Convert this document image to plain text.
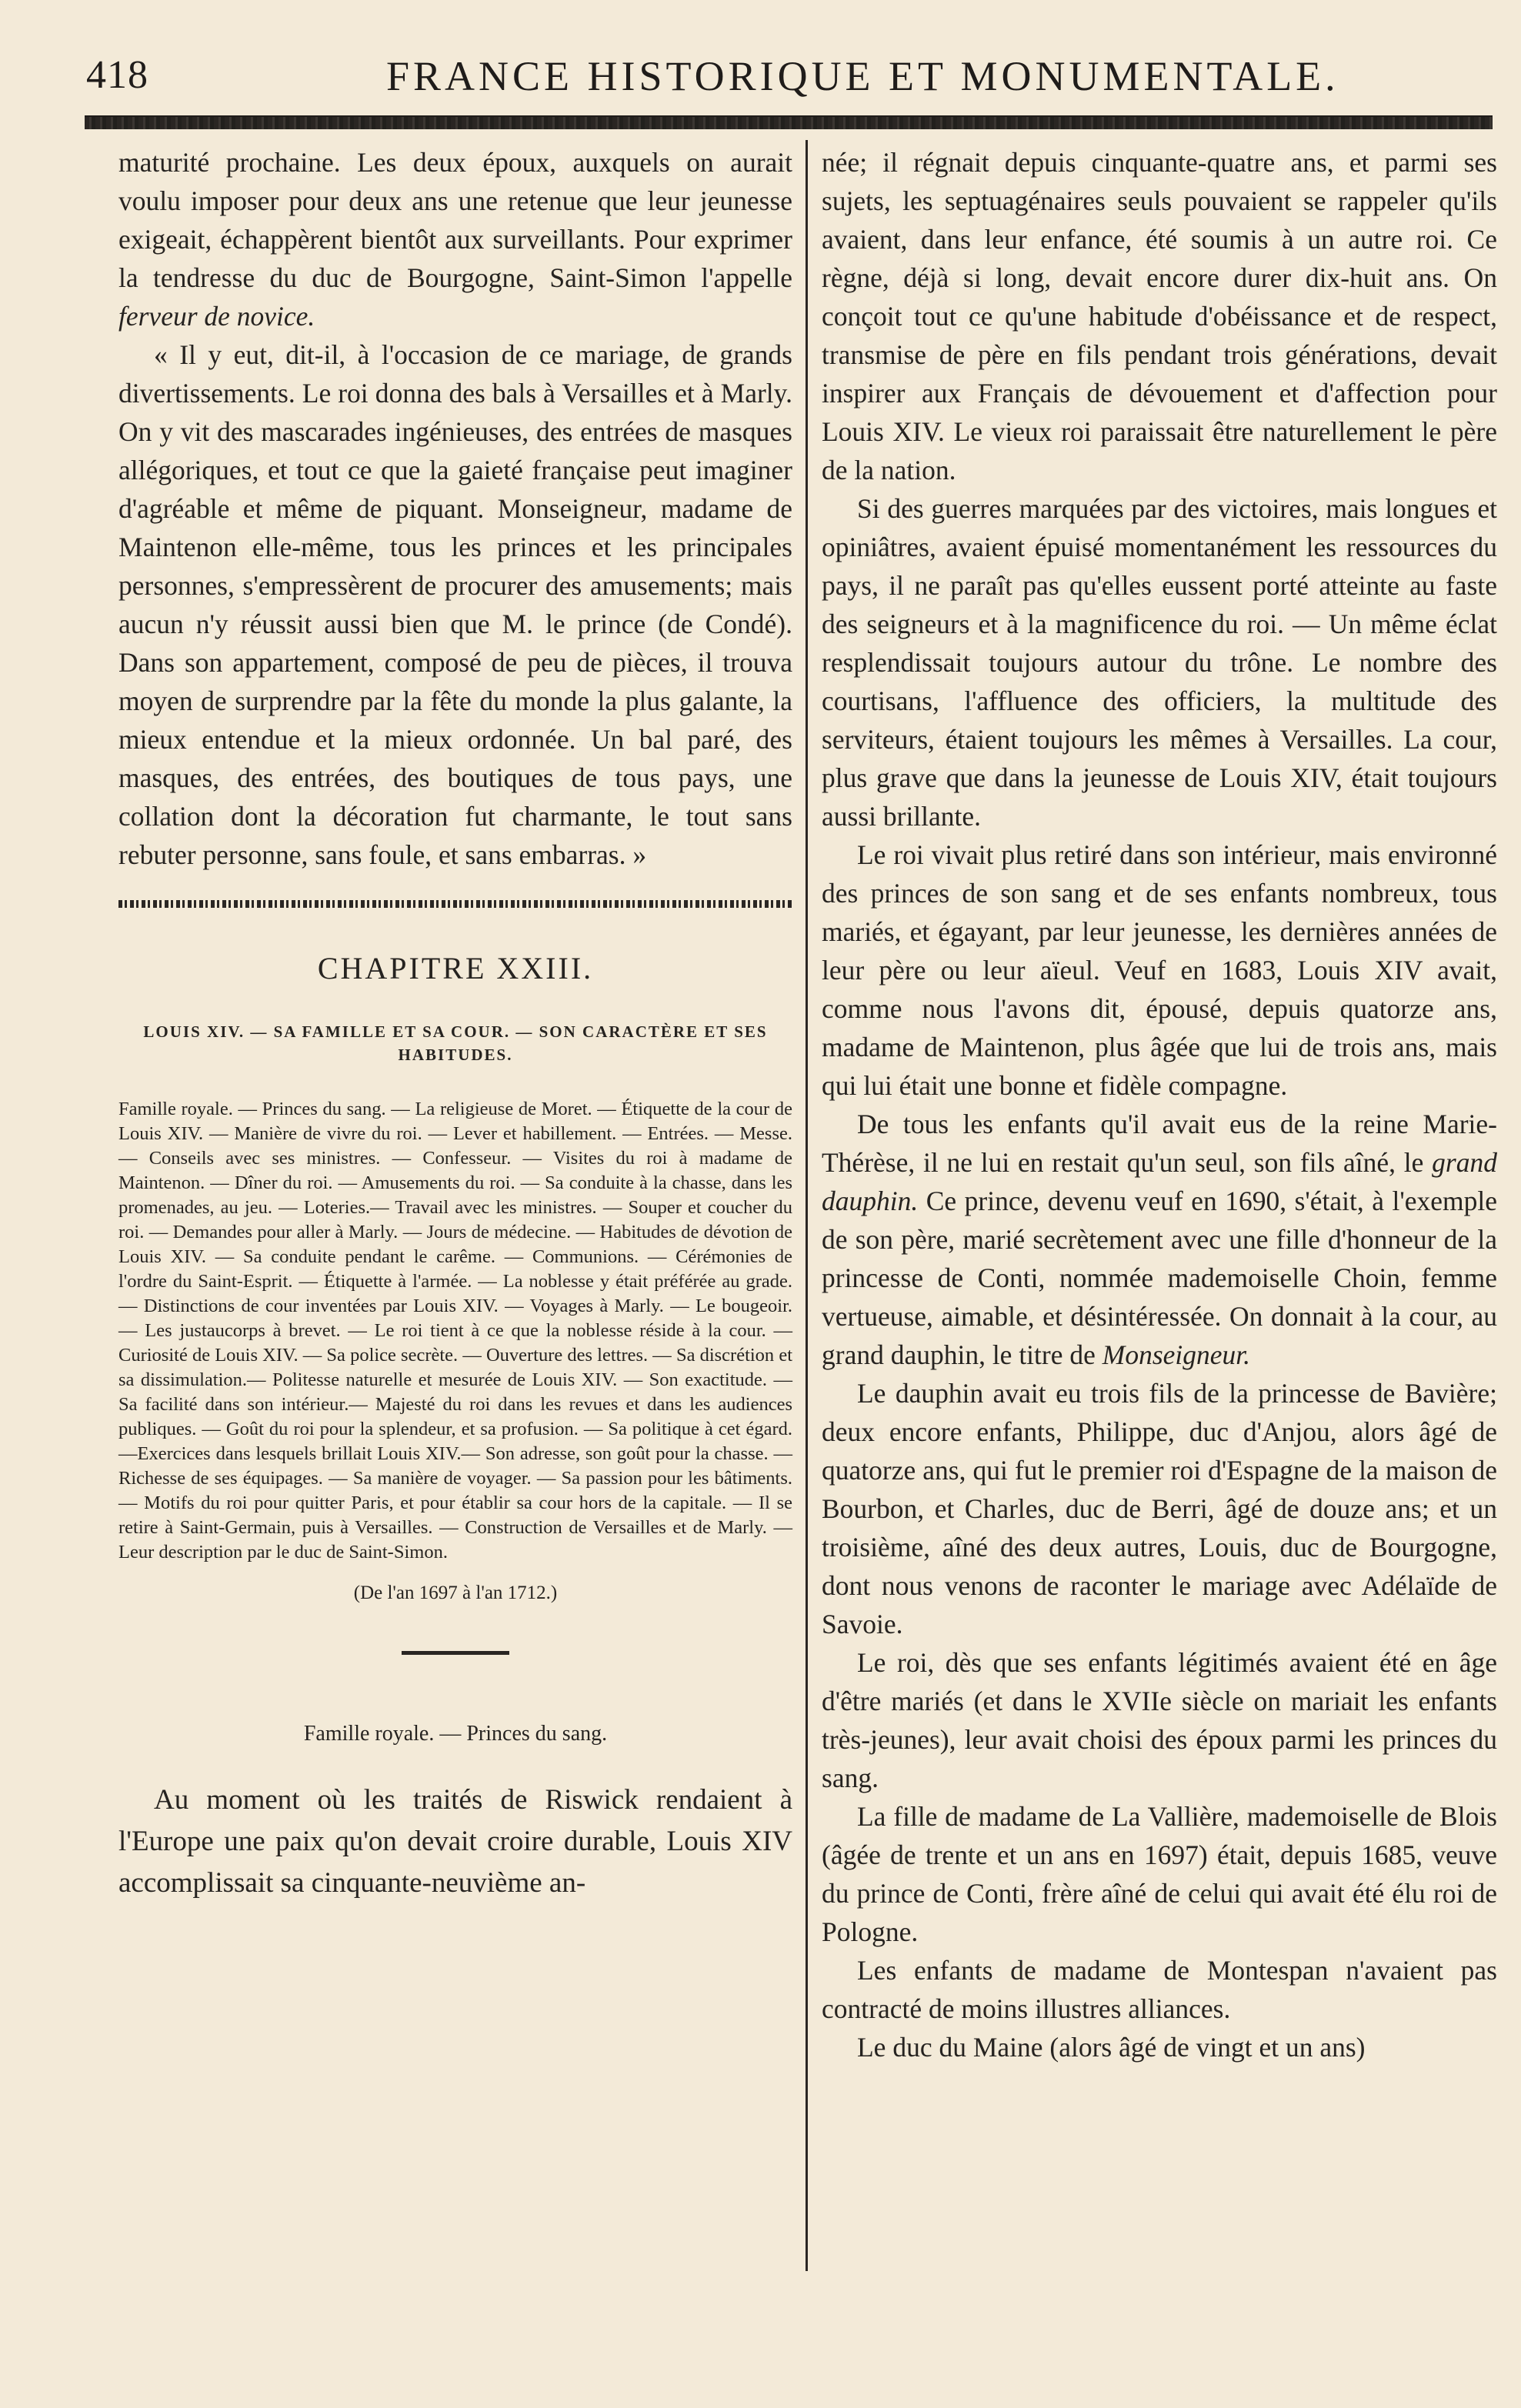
418	FRANCE HISTORIQUE ET MONUMENTALE.

maturité prochaine. Les deux époux, auxquels on aurait voulu imposer pour deux ans une retenue que leur jeunesse exigeait, échappèrent bientôt aux surveillants. Pour exprimer la tendresse du duc de Bourgogne, Saint-Simon l'appelle ferveur de novice.

« Il y eut, dit-il, à l'occasion de ce mariage, de grands divertissements. Le roi donna des bals à Versailles et à Marly. On y vit des mascarades ingénieuses, des entrées de masques allégoriques, et tout ce que la gaieté française peut imaginer d'agréable et même de piquant. Monseigneur, madame de Maintenon elle-même, tous les princes et les principales personnes, s'empressèrent de procurer des amusements; mais aucun n'y réussit aussi bien que M. le prince (de Condé). Dans son appartement, composé de peu de pièces, il trouva moyen de surprendre par la fête du monde la plus galante, la mieux entendue et la mieux ordonnée. Un bal paré, des masques, des entrées, des boutiques de tous pays, une collation dont la décoration fut charmante, le tout sans rebuter personne, sans foule, et sans embarras. »

CHAPITRE XXIII.
LOUIS XIV. — SA FAMILLE ET SA COUR. — SON CARACTÈRE ET SES HABITUDES.
Famille royale. — Princes du sang. — La religieuse de Moret. — Étiquette de la cour de Louis XIV. — Manière de vivre du roi. — Lever et habillement. — Entrées. — Messe. — Conseils avec ses ministres. — Confesseur. — Visites du roi à madame de Maintenon. — Dîner du roi. — Amusements du roi. — Sa conduite à la chasse, dans les promenades, au jeu. — Loteries.— Travail avec les ministres. — Souper et coucher du roi. — Demandes pour aller à Marly. — Jours de médecine. — Habitudes de dévotion de Louis XIV. — Sa conduite pendant le carême. — Communions. — Cérémonies de l'ordre du Saint-Esprit. — Étiquette à l'armée. — La noblesse y était préférée au grade. — Distinctions de cour inventées par Louis XIV. — Voyages à Marly. — Le bougeoir. — Les justaucorps à brevet. — Le roi tient à ce que la noblesse réside à la cour. — Curiosité de Louis XIV. — Sa police secrète. — Ouverture des lettres. — Sa discrétion et sa dissimulation.— Politesse naturelle et mesurée de Louis XIV. — Son exactitude. — Sa facilité dans son intérieur.— Majesté du roi dans les revues et dans les audiences publiques. — Goût du roi pour la splendeur, et sa profusion. — Sa politique à cet égard.—Exercices dans lesquels brillait Louis XIV.— Son adresse, son goût pour la chasse. —Richesse de ses équipages. — Sa manière de voyager. — Sa passion pour les bâtiments. — Motifs du roi pour quitter Paris, et pour établir sa cour hors de la capitale. — Il se retire à Saint-Germain, puis à Versailles. — Construction de Versailles et de Marly. — Leur description par le duc de Saint-Simon.
(De l'an 1697 à l'an 1712.)
Famille royale. — Princes du sang.

Au moment où les traités de Riswick rendaient à l'Europe une paix qu'on devait croire durable, Louis XIV accomplissait sa cinquante-neuvième an-

née; il régnait depuis cinquante-quatre ans, et parmi ses sujets, les septuagénaires seuls pouvaient se rappeler qu'ils avaient, dans leur enfance, été soumis à un autre roi. Ce règne, déjà si long, devait encore durer dix-huit ans. On conçoit tout ce qu'une habitude d'obéissance et de respect, transmise de père en fils pendant trois générations, devait inspirer aux Français de dévouement et d'affection pour Louis XIV. Le vieux roi paraissait être naturellement le père de la nation.

Si des guerres marquées par des victoires, mais longues et opiniâtres, avaient épuisé momentanément les ressources du pays, il ne paraît pas qu'elles eussent porté atteinte au faste des seigneurs et à la magnificence du roi. — Un même éclat resplendissait toujours autour du trône. Le nombre des courtisans, l'affluence des officiers, la multitude des serviteurs, étaient toujours les mêmes à Versailles. La cour, plus grave que dans la jeunesse de Louis XIV, était toujours aussi brillante.

Le roi vivait plus retiré dans son intérieur, mais environné des princes de son sang et de ses enfants nombreux, tous mariés, et égayant, par leur jeunesse, les dernières années de leur père ou leur aïeul. Veuf en 1683, Louis XIV avait, comme nous l'avons dit, épousé, depuis quatorze ans, madame de Maintenon, plus âgée que lui de trois ans, mais qui lui était une bonne et fidèle compagne.

De tous les enfants qu'il avait eus de la reine Marie-Thérèse, il ne lui en restait qu'un seul, son fils aîné, le grand dauphin. Ce prince, devenu veuf en 1690, s'était, à l'exemple de son père, marié secrètement avec une fille d'honneur de la princesse de Conti, nommée mademoiselle Choin, femme vertueuse, aimable, et désintéressée. On donnait à la cour, au grand dauphin, le titre de Monseigneur.

Le dauphin avait eu trois fils de la princesse de Bavière; deux encore enfants, Philippe, duc d'Anjou, alors âgé de quatorze ans, qui fut le premier roi d'Espagne de la maison de Bourbon, et Charles, duc de Berri, âgé de douze ans; et un troisième, aîné des deux autres, Louis, duc de Bourgogne, dont nous venons de raconter le mariage avec Adélaïde de Savoie.

Le roi, dès que ses enfants légitimés avaient été en âge d'être mariés (et dans le XVIIe siècle on mariait les enfants très-jeunes), leur avait choisi des époux parmi les princes du sang.

La fille de madame de La Vallière, mademoiselle de Blois (âgée de trente et un ans en 1697) était, depuis 1685, veuve du prince de Conti, frère aîné de celui qui avait été élu roi de Pologne.

Les enfants de madame de Montespan n'avaient pas contracté de moins illustres alliances.

Le duc du Maine (alors âgé de vingt et un ans)
